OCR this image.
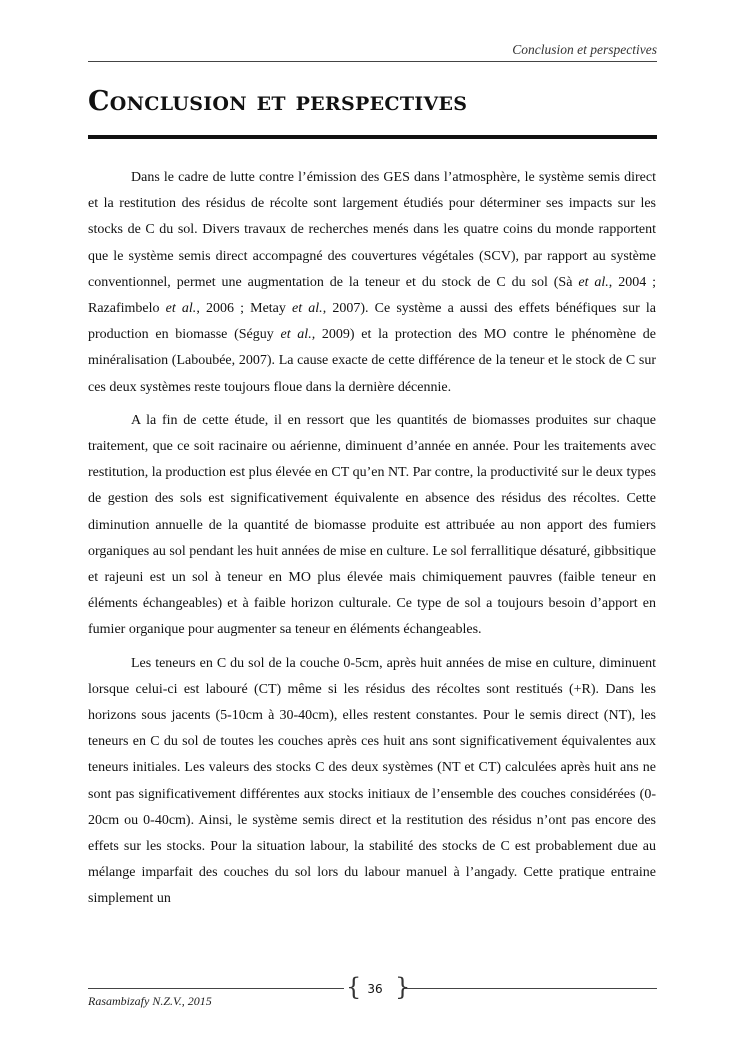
Conclusion et perspectives
Conclusion et perspectives

Dans le cadre de lutte contre l’émission des GES dans l’atmosphère, le système semis direct et la restitution des résidus de récolte sont largement étudiés pour déterminer ses impacts sur les stocks de C du sol. Divers travaux de recherches menés dans les quatre coins du monde rapportent que le système semis direct accompagné des couvertures végétales (SCV), par rapport au système conventionnel, permet une augmentation de la teneur et du stock de C du sol (Sà et al., 2004 ; Razafimbelo et al., 2006 ; Metay et al., 2007). Ce système a aussi des effets bénéfiques sur la production en biomasse (Séguy et al., 2009) et la protection des MO contre le phénomène de minéralisation (Laboubée, 2007). La cause exacte de cette différence de la teneur et le stock de C sur ces deux systèmes reste toujours floue dans la dernière décennie.

A la fin de cette étude, il en ressort que les quantités de biomasses produites sur chaque traitement, que ce soit racinaire ou aérienne, diminuent d’année en année. Pour les traitements avec restitution, la production est plus élevée en CT qu’en NT. Par contre, la productivité sur le deux types de gestion des sols est significativement équivalente en absence des résidus des récoltes. Cette diminution annuelle de la quantité de biomasse produite est attribuée au non apport des fumiers organiques au sol pendant les huit années de mise en culture. Le sol ferrallitique désaturé, gibbsitique et rajeuni est un sol à teneur en MO plus élevée mais chimiquement pauvres (faible teneur en éléments échangeables) et à faible horizon culturale. Ce type de sol a toujours besoin d’apport en fumier organique pour augmenter sa teneur en éléments échangeables.

Les teneurs en C du sol de la couche 0-5cm, après huit années de mise en culture, diminuent lorsque celui-ci est labouré (CT) même si les résidus des récoltes sont restitués (+R). Dans les horizons sous jacents (5-10cm à 30-40cm), elles restent constantes. Pour le semis direct (NT), les teneurs en C du sol de toutes les couches après ces huit ans sont significativement équivalentes aux teneurs initiales. Les valeurs des stocks C des deux systèmes (NT et CT) calculées après huit ans ne sont pas significativement différentes aux stocks initiaux de l’ensemble des couches considérées (0-20cm ou 0-40cm). Ainsi, le système semis direct et la restitution des résidus n’ont pas encore des effets sur les stocks. Pour la situation labour, la stabilité des stocks de C est probablement due au mélange imparfait des couches du sol lors du labour manuel à l’angady. Cette pratique entraine simplement un

{ 36 }
Rasambizafy N.Z.V., 2015
